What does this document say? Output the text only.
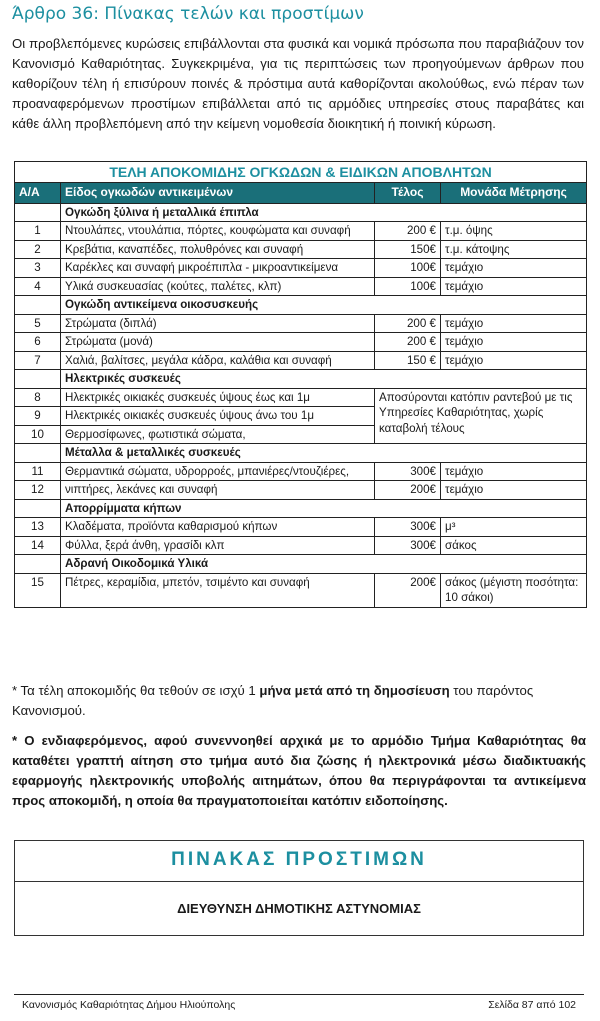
Άρθρο 36: Πίνακας τελών και προστίμων

Οι προβλεπόμενες κυρώσεις επιβάλλονται στα φυσικά και νομικά πρόσωπα που παραβιάζουν τον Κανονισμό Καθαριότητας. Συγκεκριμένα, για τις περιπτώσεις των προηγούμενων άρθρων που καθορίζουν τέλη ή επισύρουν ποινές & πρόστιμα αυτά καθορίζονται ακολούθως, ενώ πέραν των προαναφερόμενων προστίμων επιβάλλεται από τις αρμόδιες υπηρεσίες στους παραβάτες και κάθε άλλη προβλεπόμενη από την κείμενη νομοθεσία διοικητική ή ποινική κύρωση.

ΤΕΛΗ ΑΠΟΚΟΜΙΔΗΣ ΟΓΚΩΔΩΝ & ΕΙΔΙΚΩΝ ΑΠΟΒΛΗΤΩΝ			
Α/Α	Είδος ογκωδών αντικειμένων	Τέλος	Μονάδα Μέτρησης
	Ογκώδη ξύλινα ή μεταλλικά έπιπλα		
1	Ντουλάπες, ντουλάπια, πόρτες, κουφώματα και συναφή	200 €	τ.μ. όψης
2	Κρεβάτια, καναπέδες, πολυθρόνες και συναφή	150€	τ.μ. κάτοψης
3	Καρέκλες και συναφή μικροέπιπλα - μικροαντικείμενα	100€	τεμάχιο
4	Υλικά συσκευασίας (κούτες, παλέτες, κλπ)	100€	τεμάχιο
	Ογκώδη αντικείμενα οικοσυσκευής		
5	Στρώματα (διπλά)	200 €	τεμάχιο
6	Στρώματα (μονά)	200 €	τεμάχιο
7	Χαλιά, βαλίτσες, μεγάλα κάδρα, καλάθια και συναφή	150 €	τεμάχιο
	Ηλεκτρικές συσκευές		
8	Ηλεκτρικές οικιακές συσκευές ύψους έως και 1μ	Αποσύρονται κατόπιν ραντεβού με τις Υπηρεσίες Καθαριότητας, χωρίς καταβολή τέλους	
9	Ηλεκτρικές οικιακές συσκευές ύψους άνω του 1μ		
10	Θερμοσίφωνες, φωτιστικά σώματα,		
	Μέταλλα & μεταλλικές συσκευές		
11	Θερμαντικά σώματα, υδρορροές, μπανιέρες/ντουζιέρες,	300€	τεμάχιο
12	νιπτήρες, λεκάνες και συναφή	200€	τεμάχιο
	Απορρίμματα κήπων		
13	Κλαδέματα, προϊόντα καθαρισμού κήπων	300€	μ³
14	Φύλλα, ξερά άνθη, γρασίδι κλπ	300€	σάκος
	Αδρανή Οικοδομικά Υλικά		
15	Πέτρες, κεραμίδια, μπετόν, τσιμέντο και συναφή	200€	σάκος (μέγιστη ποσότητα: 10 σάκοι)

* Τα τέλη αποκομιδής θα τεθούν σε ισχύ 1 μήνα μετά από τη δημοσίευση του παρόντος Κανονισμού.

* Ο ενδιαφερόμενος, αφού συνεννοηθεί αρχικά με το αρμόδιο Τμήμα Καθαριότητας θα καταθέτει γραπτή αίτηση στο τμήμα αυτό δια ζώσης ή ηλεκτρονικά μέσω διαδικτυακής εφαρμογής ηλεκτρονικής υποβολής αιτημάτων, όπου θα περιγράφονται τα αντικείμενα προς αποκομιδή, η οποία θα πραγματοποιείται κατόπιν ειδοποίησης.

ΠΙΝΑΚΑΣ ΠΡΟΣΤΙΜΩΝ
ΔΙΕΥΘΥΝΣΗ ΔΗΜΟΤΙΚΗΣ ΑΣΤΥΝΟΜΙΑΣ
Κανονισμός Καθαριότητας Δήμου Ηλιούπολης	Σελίδα 87 από 102
